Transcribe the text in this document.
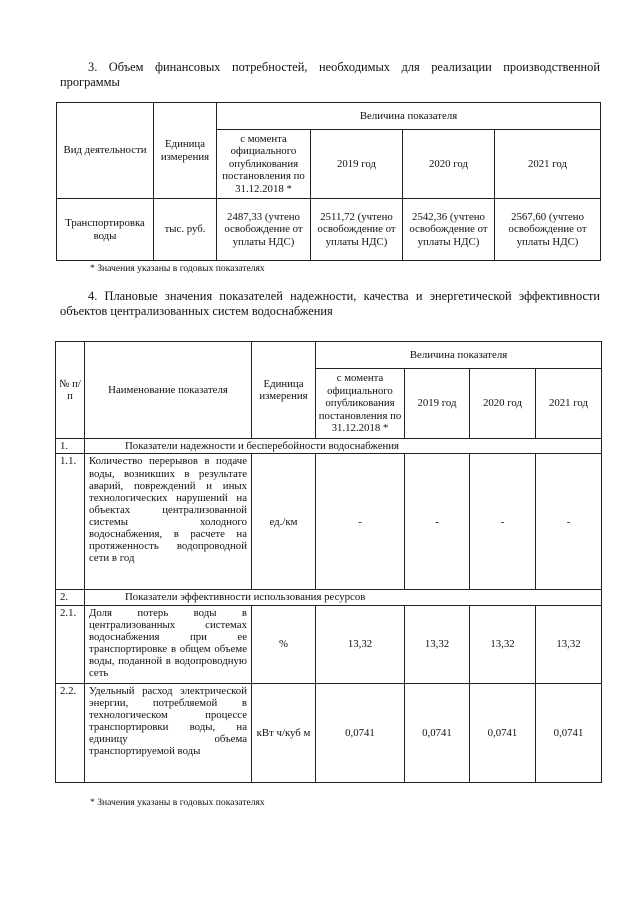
3. Объем финансовых потребностей, необходимых для реализации производственной программы

Вид деятельности	Единица измерения	Величина показателя			
		с момента официального опубликования постановления по 31.12.2018 *	2019 год	2020 год	2021 год
Транспортировка воды	тыс. руб.	2487,33 (учтено освобождение от уплаты НДС)	2511,72 (учтено освобождение от уплаты НДС)	2542,36 (учтено освобождение от уплаты НДС)	2567,60 (учтено освобождение от уплаты НДС)

* Значения указаны в годовых показателях

4. Плановые значения показателей надежности, качества и энергетической эффективности объектов централизованных систем водоснабжения

№ п/п	Наименование показателя	Единица измерения	Величина показателя			
			с момента официального опубликования постановления по 31.12.2018 *	2019 год	2020 год	2021 год
1.	Показатели надежности и бесперебойности водоснабжения					
1.1.	Количество перерывов в подаче воды, возникших в результате аварий, повреждений и иных технологических нарушений на объектах централизованной системы холодного водоснабжения, в расчете на протяженность водопроводной сети в год	ед./км	-	-	-	-
2.	Показатели эффективности использования ресурсов					
2.1.	Доля потерь воды в централизованных системах водоснабжения при ее транспортировке в общем объеме воды, поданной в водопроводную сеть	%	13,32	13,32	13,32	13,32
2.2.	Удельный расход электрической энергии, потребляемой в технологическом процессе транспортировки воды, на единицу объема транспортируемой воды	кВт ч/куб м	0,0741	0,0741	0,0741	0,0741

* Значения указаны в годовых показателях
